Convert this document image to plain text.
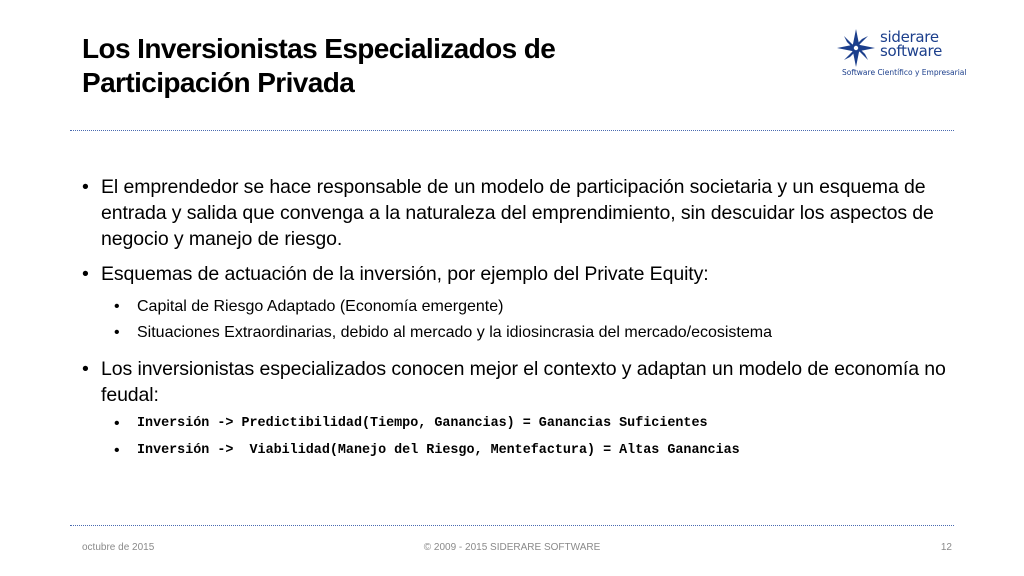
Los Inversionistas Especializados de Participación Privada
siderare software
Software Científico y Empresarial
• El emprendedor se hace responsable de un modelo de participación societaria y un esquema de entrada y salida que convenga a la naturaleza del emprendimiento, sin descuidar los aspectos de negocio y manejo de riesgo.
• Esquemas de actuación de la inversión, por ejemplo del Private Equity:
• Capital de Riesgo Adaptado (Economía emergente)
• Situaciones Extraordinarias, debido al mercado y la idiosincrasia del mercado/ecosistema
• Los inversionistas especializados conocen mejor el contexto y adaptan un modelo de economía no feudal:
• Inversión -> Predictibilidad(Tiempo, Ganancias) = Ganancias Suficientes
• Inversión ->  Viabilidad(Manejo del Riesgo, Mentefactura) = Altas Ganancias
octubre de 2015	© 2009 - 2015 SIDERARE SOFTWARE	12
